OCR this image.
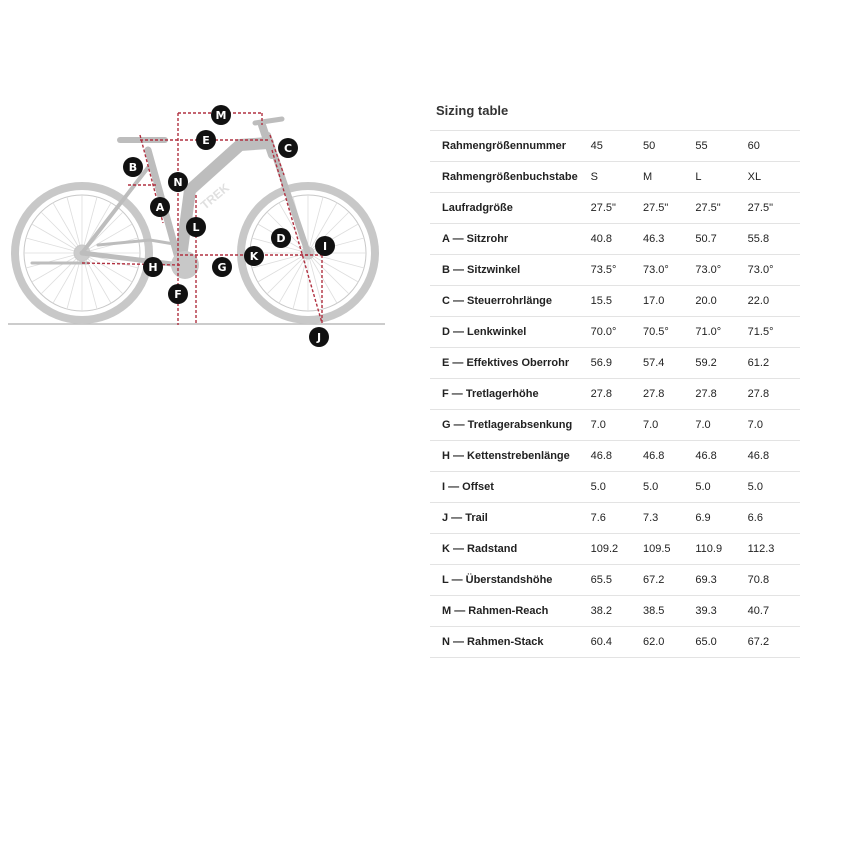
TREK
M
E
C
B
N
A
L
D
I
K
H	G
F
J
Sizing table
Rahmengrößennummer	45	50	55	60
Rahmengrößenbuchstabe	S	M	L	XL
Laufradgröße	27.5"	27.5"	27.5"	27.5"
A — Sitzrohr	40.8	46.3	50.7	55.8
B — Sitzwinkel	73.5°	73.0°	73.0°	73.0°
C — Steuerrohrlänge	15.5	17.0	20.0	22.0
D — Lenkwinkel	70.0°	70.5°	71.0°	71.5°
E — Effektives Oberrohr	56.9	57.4	59.2	61.2
F — Tretlagerhöhe	27.8	27.8	27.8	27.8
G — Tretlagerabsenkung	7.0	7.0	7.0	7.0
H — Kettenstrebenlänge	46.8	46.8	46.8	46.8
I — Offset	5.0	5.0	5.0	5.0
J — Trail	7.6	7.3	6.9	6.6
K — Radstand	109.2	109.5	110.9	112.3
L — Überstandshöhe	65.5	67.2	69.3	70.8
M — Rahmen-Reach	38.2	38.5	39.3	40.7
N — Rahmen-Stack	60.4	62.0	65.0	67.2
